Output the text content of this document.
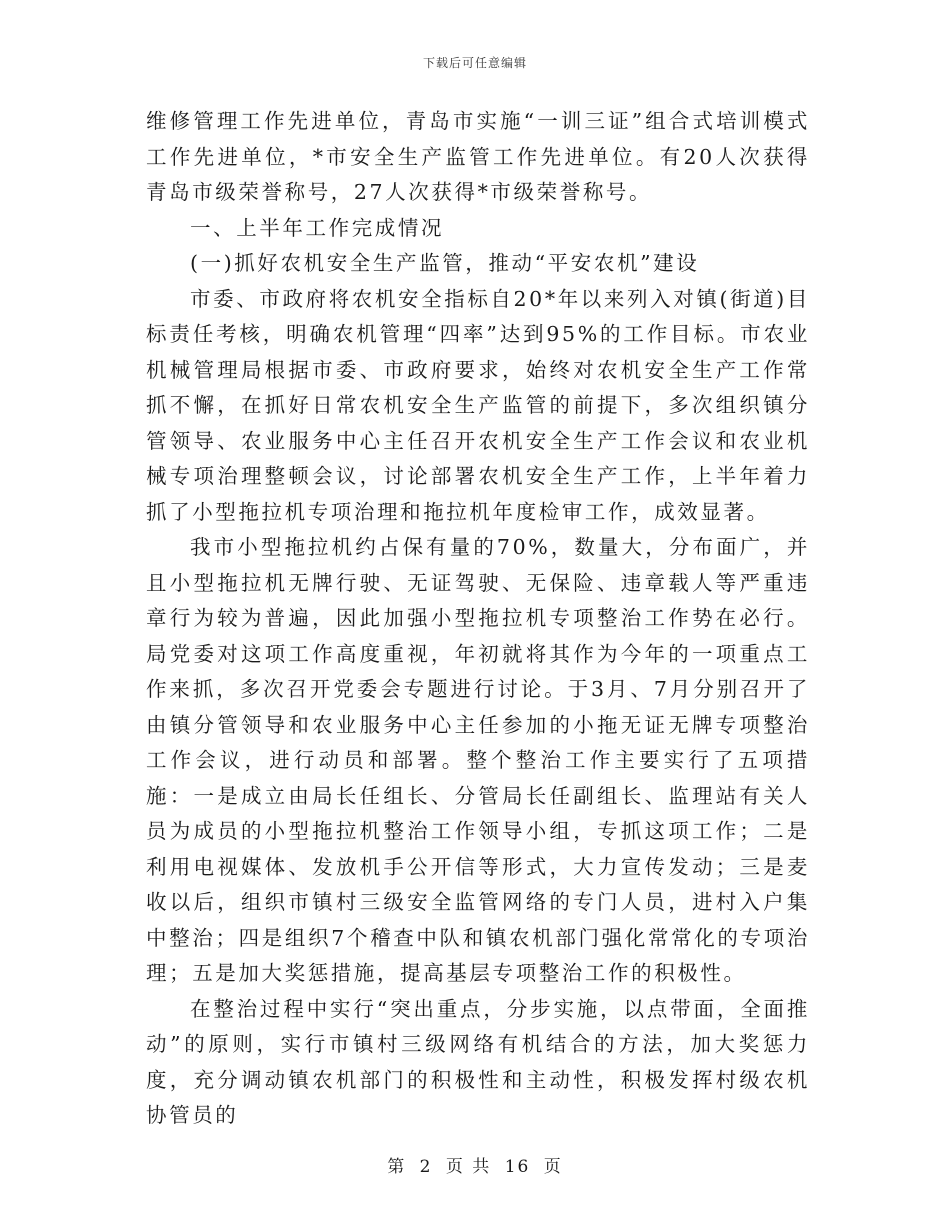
下载后可任意编辑

维修管理工作先进单位，青岛市实施“一训三证”组合式培训模式工作先进单位，*市安全生产监管工作先进单位。有20人次获得青岛市级荣誉称号，27人次获得*市级荣誉称号。

一、上半年工作完成情况

(一)抓好农机安全生产监管，推动“平安农机”建设

市委、市政府将农机安全指标自20*年以来列入对镇(街道)目标责任考核，明确农机管理“四率”达到95%的工作目标。市农业机械管理局根据市委、市政府要求，始终对农机安全生产工作常抓不懈，在抓好日常农机安全生产监管的前提下，多次组织镇分管领导、农业服务中心主任召开农机安全生产工作会议和农业机械专项治理整顿会议，讨论部署农机安全生产工作，上半年着力抓了小型拖拉机专项治理和拖拉机年度检审工作，成效显著。

我市小型拖拉机约占保有量的70%，数量大，分布面广，并且小型拖拉机无牌行驶、无证驾驶、无保险、违章载人等严重违章行为较为普遍，因此加强小型拖拉机专项整治工作势在必行。局党委对这项工作高度重视，年初就将其作为今年的一项重点工作来抓，多次召开党委会专题进行讨论。于3月、7月分别召开了由镇分管领导和农业服务中心主任参加的小拖无证无牌专项整治工作会议，进行动员和部署。整个整治工作主要实行了五项措施：一是成立由局长任组长、分管局长任副组长、监理站有关人员为成员的小型拖拉机整治工作领导小组，专抓这项工作；二是利用电视媒体、发放机手公开信等形式，大力宣传发动；三是麦收以后，组织市镇村三级安全监管网络的专门人员，进村入户集中整治；四是组织7个稽查中队和镇农机部门强化常常化的专项治理；五是加大奖惩措施，提高基层专项整治工作的积极性。

在整治过程中实行“突出重点，分步实施，以点带面，全面推动”的原则，实行市镇村三级网络有机结合的方法，加大奖惩力度，充分调动镇农机部门的积极性和主动性，积极发挥村级农机协管员的

第 2 页 共 16 页
